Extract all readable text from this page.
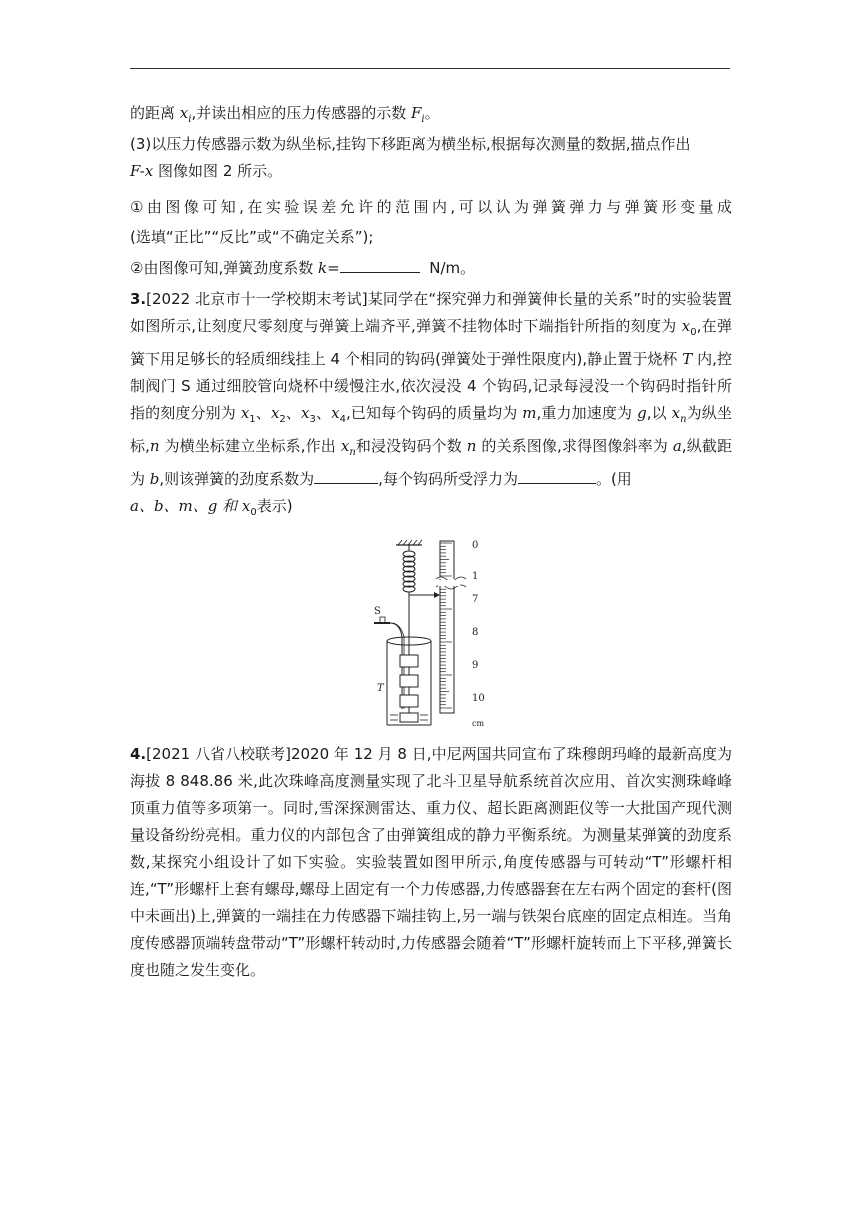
的距离 $x_i$,并读出相应的压力传感器的示数 $F_i$。
(3)以压力传感器示数为纵坐标,挂钩下移距离为横坐标,根据每次测量的数据,描点作出
F-x 图像如图 2 所示。
①由图像可知,在实验误差允许的范围内,可以认为弹簧弹力与弹簧形变量成
(选填“正比”“反比”或“不确定关系”);
②由图像可知,弹簧劲度系数 k=	N/m。
3.[2022 北京市十一学校期末考试]某同学在“探究弹力和弹簧伸长量的关系”时的实验装置如图所示,让刻度尺零刻度与弹簧上端齐平,弹簧不挂物体时下端指针所指的刻度为 $x_0$,在弹簧下用足够长的轻质细线挂上 4 个相同的钩码(弹簧处于弹性限度内),静止置于烧杯 T 内,控制阀门 S 通过细胶管向烧杯中缓慢注水,依次浸没 4 个钩码,记录每浸没一个钩码时指针所指的刻度分别为 $x_1$、$x_2$、$x_3$、$x_4$,已知每个钩码的质量均为 m,重力加速度为 g,以 $x_n$为纵坐标,n 为横坐标建立坐标系,作出 $x_n$和浸没钩码个数 n 的关系图像,求得图像斜率为 a,纵截距为 b,则该弹簧的劲度系数为	,每个钩码所受浮力为	。(用
a、b、m、g 和 $x_0$表示)
0
1
7
8
9
10
cm
S
T
4.[2021 八省八校联考]2020 年 12 月 8 日,中尼两国共同宣布了珠穆朗玛峰的最新高度为海拔 8 848.86 米,此次珠峰高度测量实现了北斗卫星导航系统首次应用、首次实测珠峰峰顶重力值等多项第一。同时,雪深探测雷达、重力仪、超长距离测距仪等一大批国产现代测量设备纷纷亮相。重力仪的内部包含了由弹簧组成的静力平衡系统。为测量某弹簧的劲度系数,某探究小组设计了如下实验。实验装置如图甲所示,角度传感器与可转动“T”形螺杆相连,“T”形螺杆上套有螺母,螺母上固定有一个力传感器,力传感器套在左右两个固定的套杆(图中未画出)上,弹簧的一端挂在力传感器下端挂钩上,另一端与铁架台底座的固定点相连。当角度传感器顶端转盘带动“T”形螺杆转动时,力传感器会随着“T”形螺杆旋转而上下平移,弹簧长度也随之发生变化。
